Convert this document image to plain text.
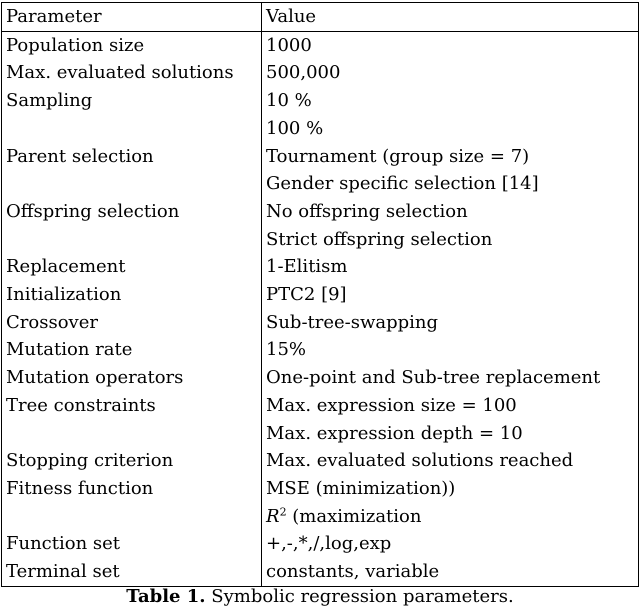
Parameter	Value
Population size	1000
Max. evaluated solutions	500,000
Sampling	10 %
	100 %
Parent selection	Tournament (group size = 7)
	Gender specific selection [14]
Offspring selection	No offspring selection
	Strict offspring selection
Replacement	1-Elitism
Initialization	PTC2 [9]
Crossover	Sub-tree-swapping
Mutation rate	15%
Mutation operators	One-point and Sub-tree replacement
Tree constraints	Max. expression size = 100
	Max. expression depth = 10
Stopping criterion	Max. evaluated solutions reached
Fitness function	MSE (minimization))
	$R^2$ (maximization
Function set	+,-,*,/,log,exp
Terminal set	constants, variable
Table 1. Symbolic regression parameters.
